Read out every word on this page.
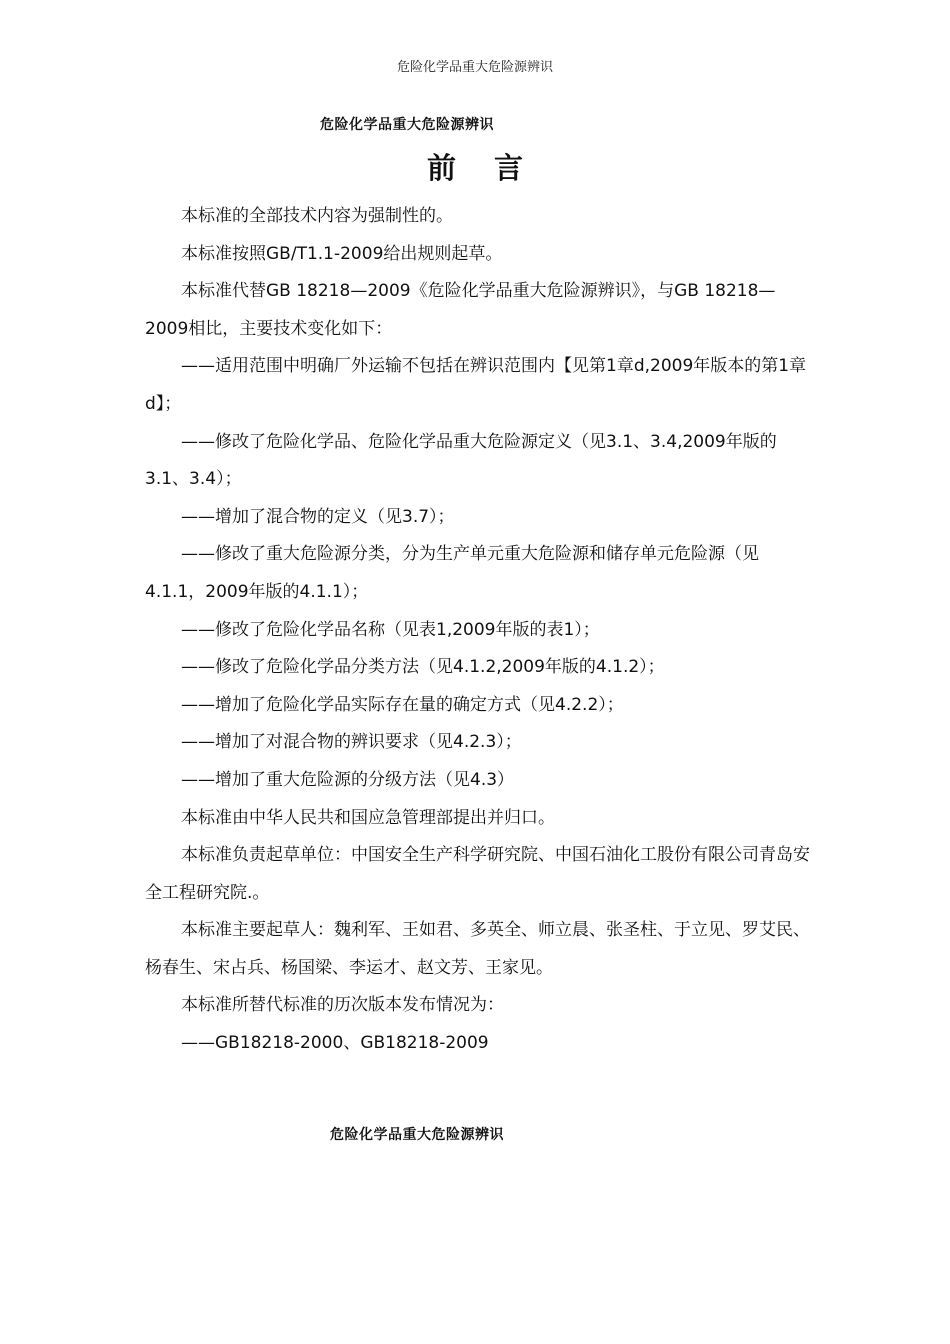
危险化学品重大危险源辨识
危险化学品重大危险源辨识
前言

本标准的全部技术内容为强制性的。

本标准按照GB/T1.1-2009给出规则起草。

本标准代替GB 18218—2009《危险化学品重大危险源辨识》，与GB 18218—2009相比，主要技术变化如下：

——适用范围中明确厂外运输不包括在辨识范围内【见第1章d,2009年版本的第1章d】；

——修改了危险化学品、危险化学品重大危险源定义（见3.1、3.4,2009年版的3.1、3.4）；

——增加了混合物的定义（见3.7）；

——修改了重大危险源分类，分为生产单元重大危险源和储存单元危险源（见4.1.1，2009年版的4.1.1）；

——修改了危险化学品名称（见表1,2009年版的表1）；

——修改了危险化学品分类方法（见4.1.2,2009年版的4.1.2）；

——增加了危险化学品实际存在量的确定方式（见4.2.2）；

——增加了对混合物的辨识要求（见4.2.3）；

——增加了重大危险源的分级方法（见4.3）

本标准由中华人民共和国应急管理部提出并归口。

本标准负责起草单位：中国安全生产科学研究院、中国石油化工股份有限公司青岛安全工程研究院.。

本标准主要起草人：魏利军、王如君、多英全、师立晨、张圣柱、于立见、罗艾民、杨春生、宋占兵、杨国梁、李运才、赵文芳、王家见。

本标准所替代标准的历次版本发布情况为：

——GB18218-2000、GB18218-2009

危险化学品重大危险源辨识
